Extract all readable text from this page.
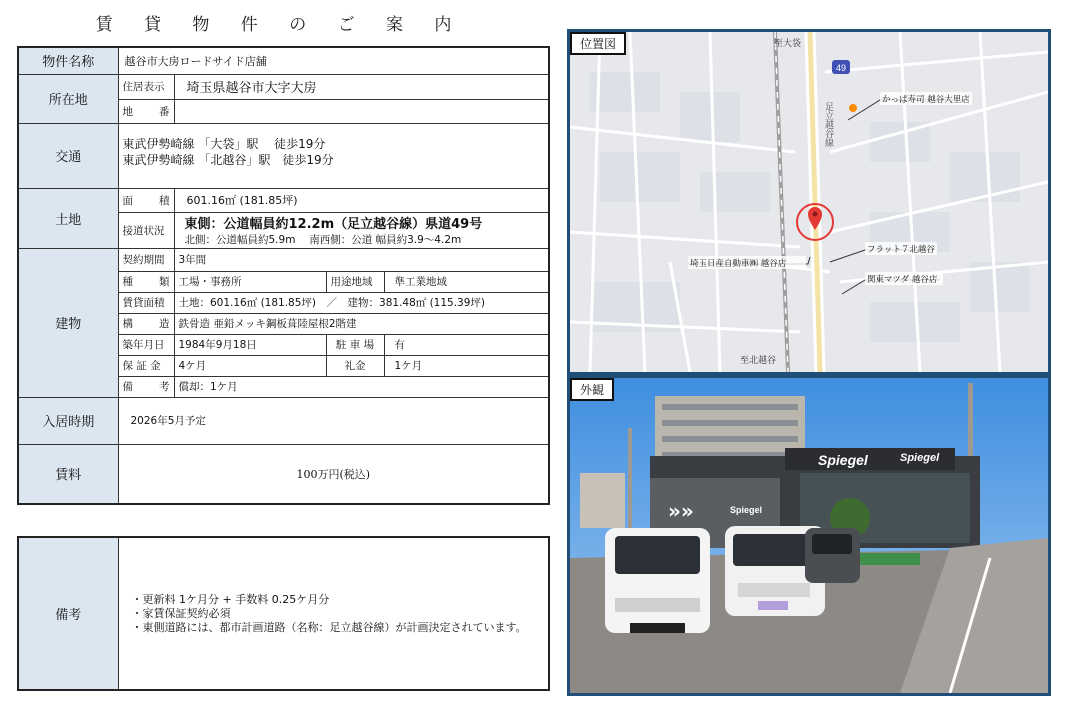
賃 貸 物 件 の ご 案 内
物件名称	越谷市大房ロードサイド店舗			
所在地	住居表示	埼玉県越谷市大字大房		

	地　　番			

交通	東武伊勢崎線 「大袋」駅　 徒歩19分
東武伊勢崎線 「北越谷」駅　徒歩19分			

土地	面　　積	601.16㎡ (181.85坪)		
	接道状況	東側：公道幅員約12.2m（足立越谷線）県道49号
北側：公道幅員約5.9m　 南西側：公道 幅員約3.9～4.2m		

建物	契約期間	3年間		

	種　　類	工場・事務所	用途地域	準工業地域
	賃貸面積	土地：601.16㎡ (181.85坪)　／　建物：381.48㎡ (115.39坪)		

	構　　造	鉄骨造 亜鉛メッキ鋼板葺陸屋根2階建		
	築年月日	1984年9月18日	駐 車 場	有
	保 証 金	4ケ月	礼金	1ケ月

	備　　考	償却：1ケ月		
入居時期	2026年5月予定			
賃料	100万円(税込)			
備考	
・更新料 1ケ月分 + 手数料 0.25ケ月分
・家賃保証契約必須
・東側道路には、都市計画道路（名称：足立越谷線）が計画決定されています。
位置図
49
足立越谷線
至大袋
至北越谷
かっぱ寿司 越谷大里店
フラット７北越谷
埼玉日産自動車㈱ 越谷店
関東マツダ 越谷店
外観
Spiegel	Spiegel
Spiegel
»»
